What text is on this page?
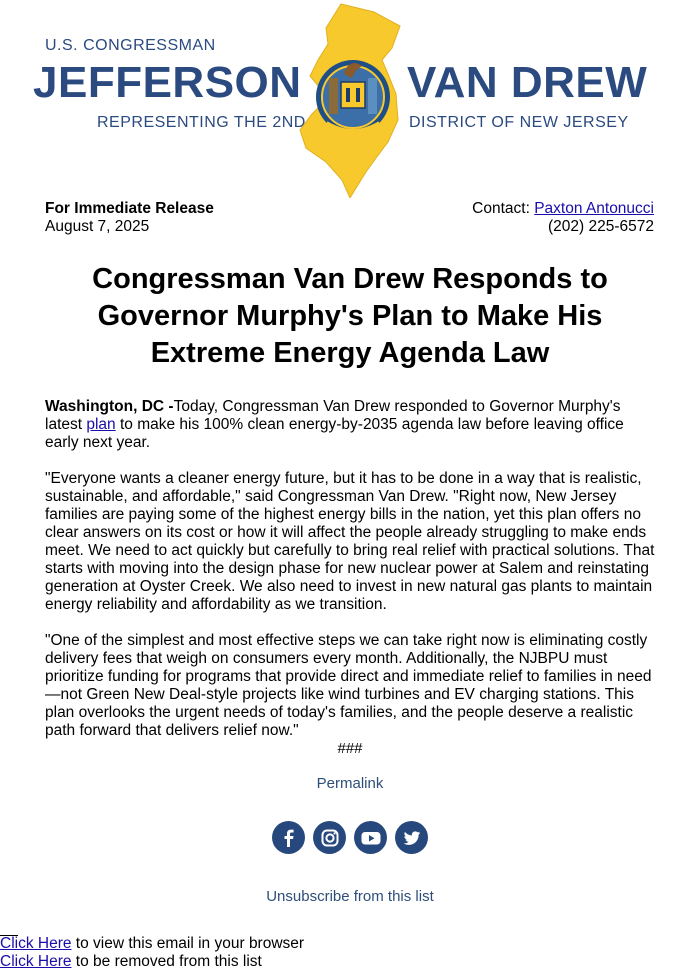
U.S. CONGRESSMAN
JEFFERSON VAN DREW
REPRESENTING THE 2ND	DISTRICT OF NEW JERSEY
For Immediate Release
August 7, 2025
Contact: Paxton Antonucci
(202) 225-6572
Congressman Van Drew Responds to Governor Murphy's Plan to Make His Extreme Energy Agenda Law

Washington, DC -Today, Congressman Van Drew responded to Governor Murphy's latest plan to make his 100% clean energy-by-2035 agenda law before leaving office early next year.

"Everyone wants a cleaner energy future, but it has to be done in a way that is realistic, sustainable, and affordable," said Congressman Van Drew. "Right now, New Jersey families are paying some of the highest energy bills in the nation, yet this plan offers no clear answers on its cost or how it will affect the people already struggling to make ends meet. We need to act quickly but carefully to bring real relief with practical solutions. That starts with moving into the design phase for new nuclear power at Salem and reinstating generation at Oyster Creek. We also need to invest in new natural gas plants to maintain energy reliability and affordability as we transition.

"One of the simplest and most effective steps we can take right now is eliminating costly delivery fees that weigh on consumers every month. Additionally, the NJBPU must prioritize funding for programs that provide direct and immediate relief to families in need—not Green New Deal-style projects like wind turbines and EV charging stations. This plan overlooks the urgent needs of today's families, and the people deserve a realistic path forward that delivers relief now."

###
Permalink
Unsubscribe from this list
Click Here to view this email in your browser
Click Here to be removed from this list
